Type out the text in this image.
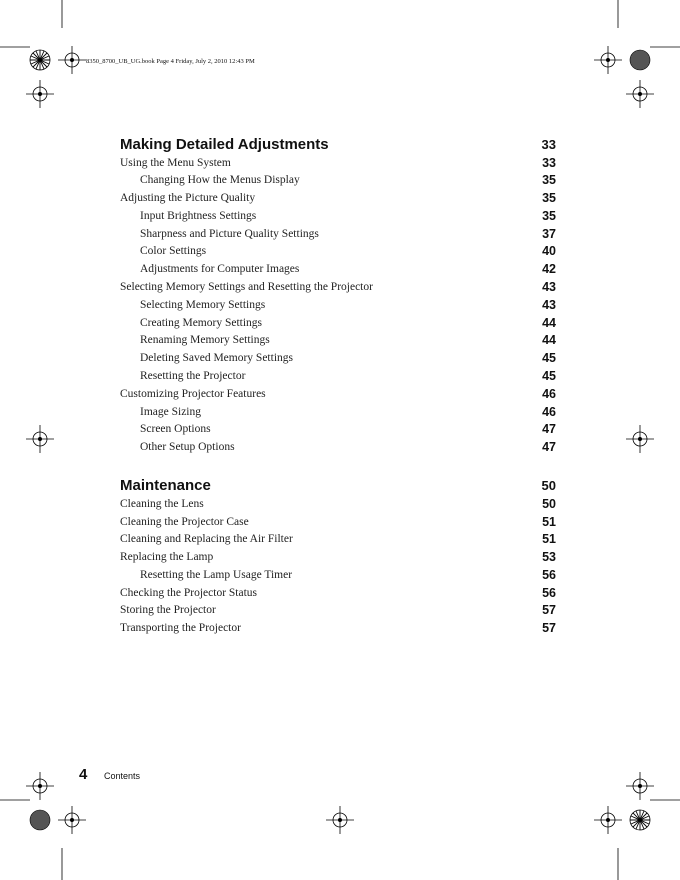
8350_8700_UB_UG.book Page 4 Friday, July 2, 2010 12:43 PM
Making Detailed Adjustments	33
Using the Menu System	33
Changing How the Menus Display	35
Adjusting the Picture Quality	35
Input Brightness Settings	35
Sharpness and Picture Quality Settings	37
Color Settings	40
Adjustments for Computer Images	42
Selecting Memory Settings and Resetting the Projector	43
Selecting Memory Settings	43
Creating Memory Settings	44
Renaming Memory Settings	44
Deleting Saved Memory Settings	45
Resetting the Projector	45
Customizing Projector Features	46
Image Sizing	46
Screen Options	47
Other Setup Options	47
Maintenance	50
Cleaning the Lens	50
Cleaning the Projector Case	51
Cleaning and Replacing the Air Filter	51
Replacing the Lamp	53
Resetting the Lamp Usage Timer	56
Checking the Projector Status	56
Storing the Projector	57
Transporting the Projector	57
4 Contents
